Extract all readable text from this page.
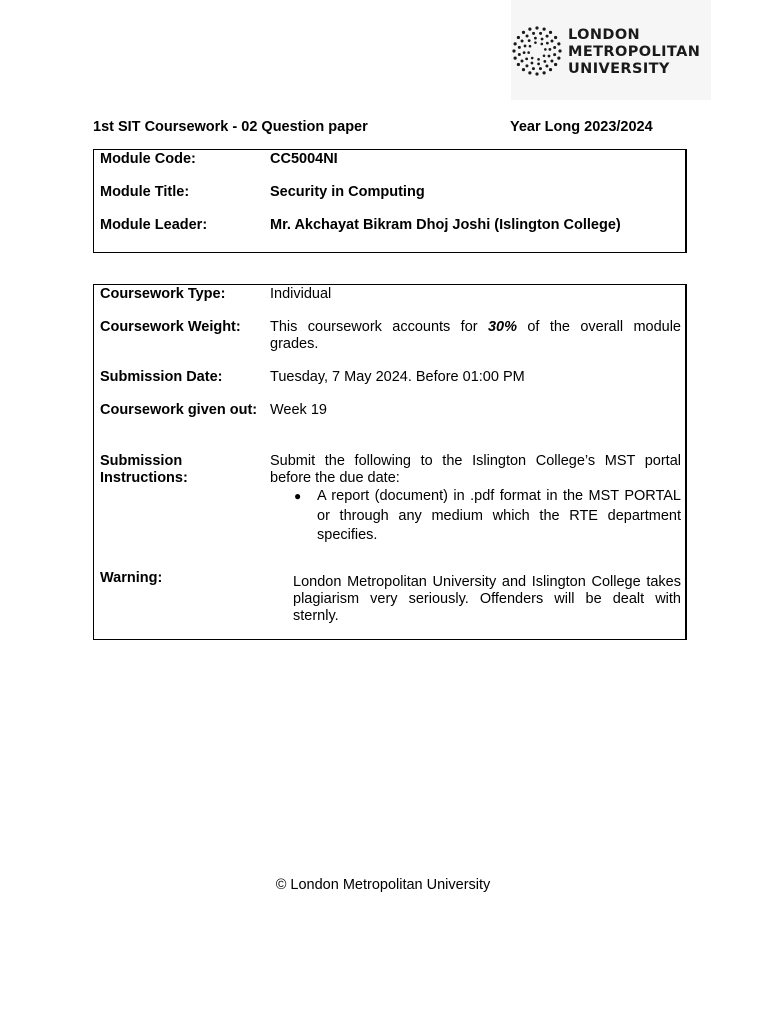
LONDON
METROPOLITAN
UNIVERSITY
1st SIT Coursework - 02 Question paper	Year Long 2023/2024
Module Code:	CC5004NI
Module Title:	Security in Computing
Module Leader:	Mr. Akchayat Bikram Dhoj Joshi (Islington College)
Coursework Type:	Individual
Coursework Weight:	This coursework accounts for 30% of the overall module grades.
Submission Date:	Tuesday, 7 May 2024. Before 01:00 PM
Coursework given out: Week 19
Submission Instructions:
Submit the following to the Islington College’s MST portal before the due date:
● A report (document) in .pdf format in the MST PORTAL or through any medium which the RTE department specifies.
Warning:	London Metropolitan University and Islington College takes plagiarism very seriously. Offenders will be dealt with sternly.
© London Metropolitan University
